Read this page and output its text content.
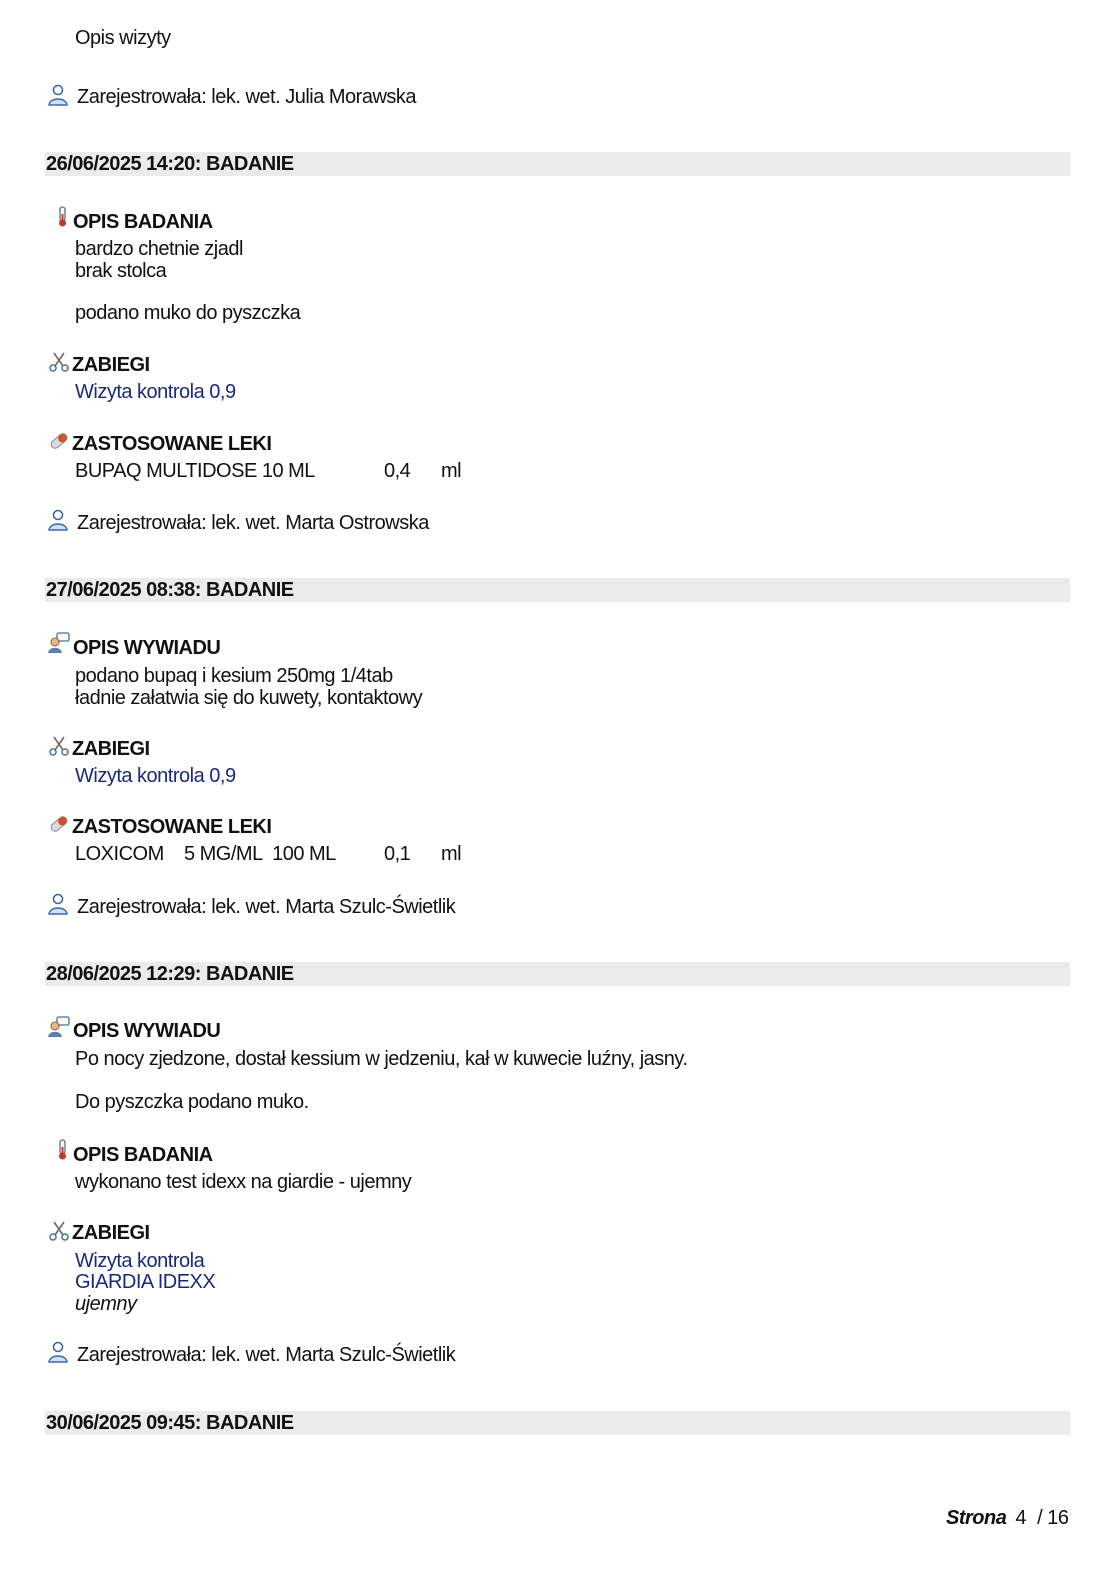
Opis wizyty
Zarejestrowała: lek. wet. Julia Morawska
26/06/2025 14:20: BADANIE
OPIS BADANIA
bardzo chetnie zjadl
brak stolca
podano muko do pyszczka
ZABIEGI
Wizyta kontrola 0,9
ZASTOSOWANE LEKI
BUPAQ MULTIDOSE 10 ML	0,4 ml
Zarejestrowała: lek. wet. Marta Ostrowska
27/06/2025 08:38: BADANIE
OPIS WYWIADU
podano bupaq i kesium 250mg 1/4tab
ładnie załatwia się do kuwety, kontaktowy
ZABIEGI
Wizyta kontrola 0,9
ZASTOSOWANE LEKI
LOXICOM    5 MG/ML  100 ML 0,1 ml
Zarejestrowała: lek. wet. Marta Szulc-Świetlik
28/06/2025 12:29: BADANIE
OPIS WYWIADU
Po nocy zjedzone, dostał kessium w jedzeniu, kał w kuwecie luźny, jasny.
Do pyszczka podano muko.
OPIS BADANIA
wykonano test idexx na giardie - ujemny
ZABIEGI
Wizyta kontrola
GIARDIA IDEXX
ujemny
Zarejestrowała: lek. wet. Marta Szulc-Świetlik
30/06/2025 09:45: BADANIE
Strona 4 / 16
